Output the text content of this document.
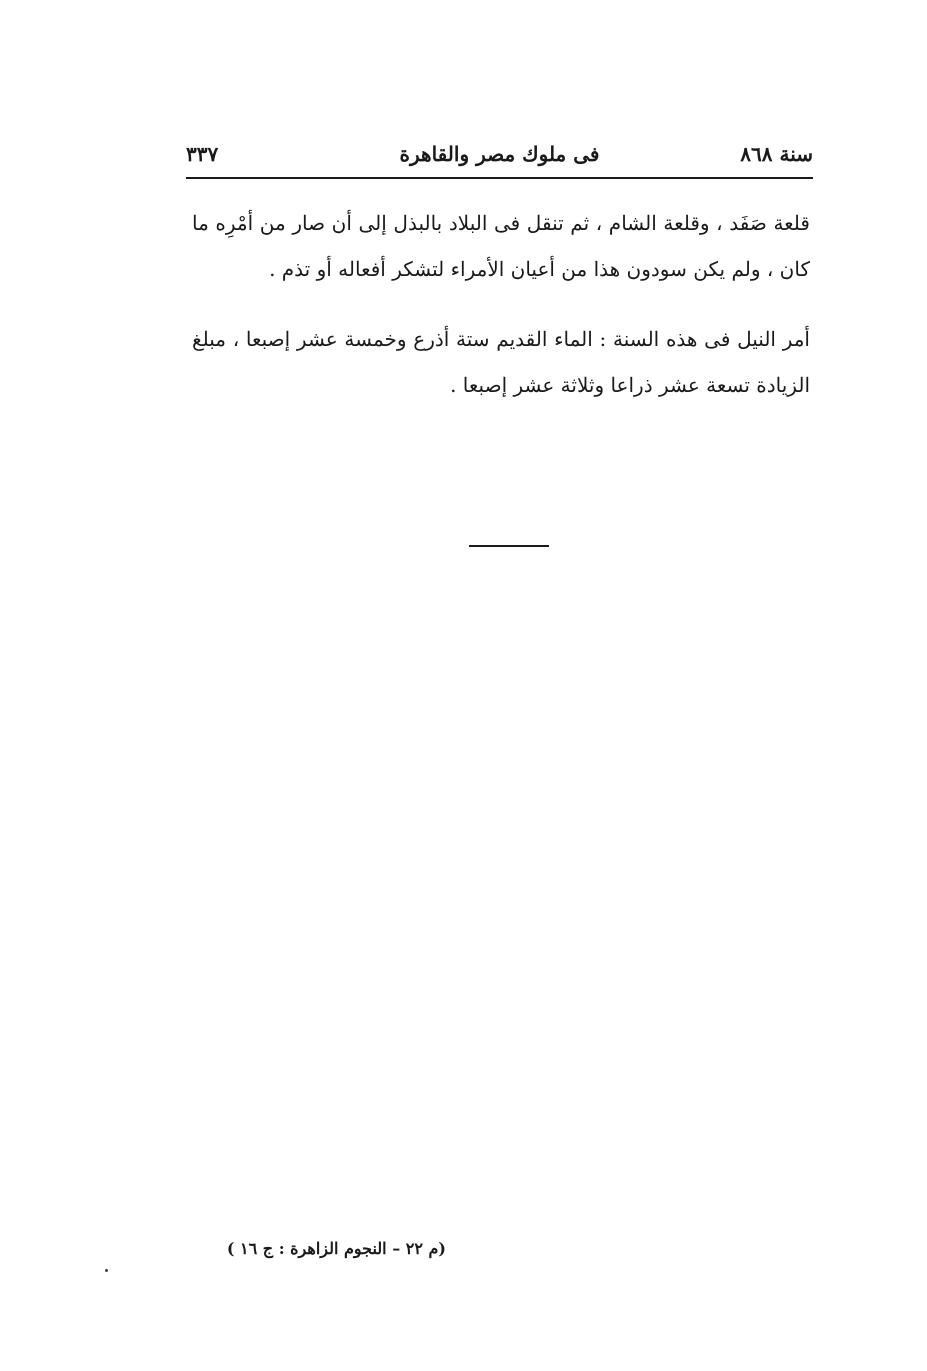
سنة ٨٦٨
فى ملوك مصر والقاهرة
٣٣٧

قلعة صَفَد ، وقلعة الشام ، ثم تنقل فى البلاد بالبذل إلى أن صار من أمْرِه ما كان ، ولم يكن سودون هذا من أعيان الأمراء لتشكر أفعاله أو تذم .

أمر النيل فى هذه السنة : الماء القديم ستة أذرع وخمسة عشر إصبعا ، مبلغ الزيادة تسعة عشر ذراعا وثلاثة عشر إصبعا .

(م ٢٢ – النجوم الزاهرة : ج ١٦ )
